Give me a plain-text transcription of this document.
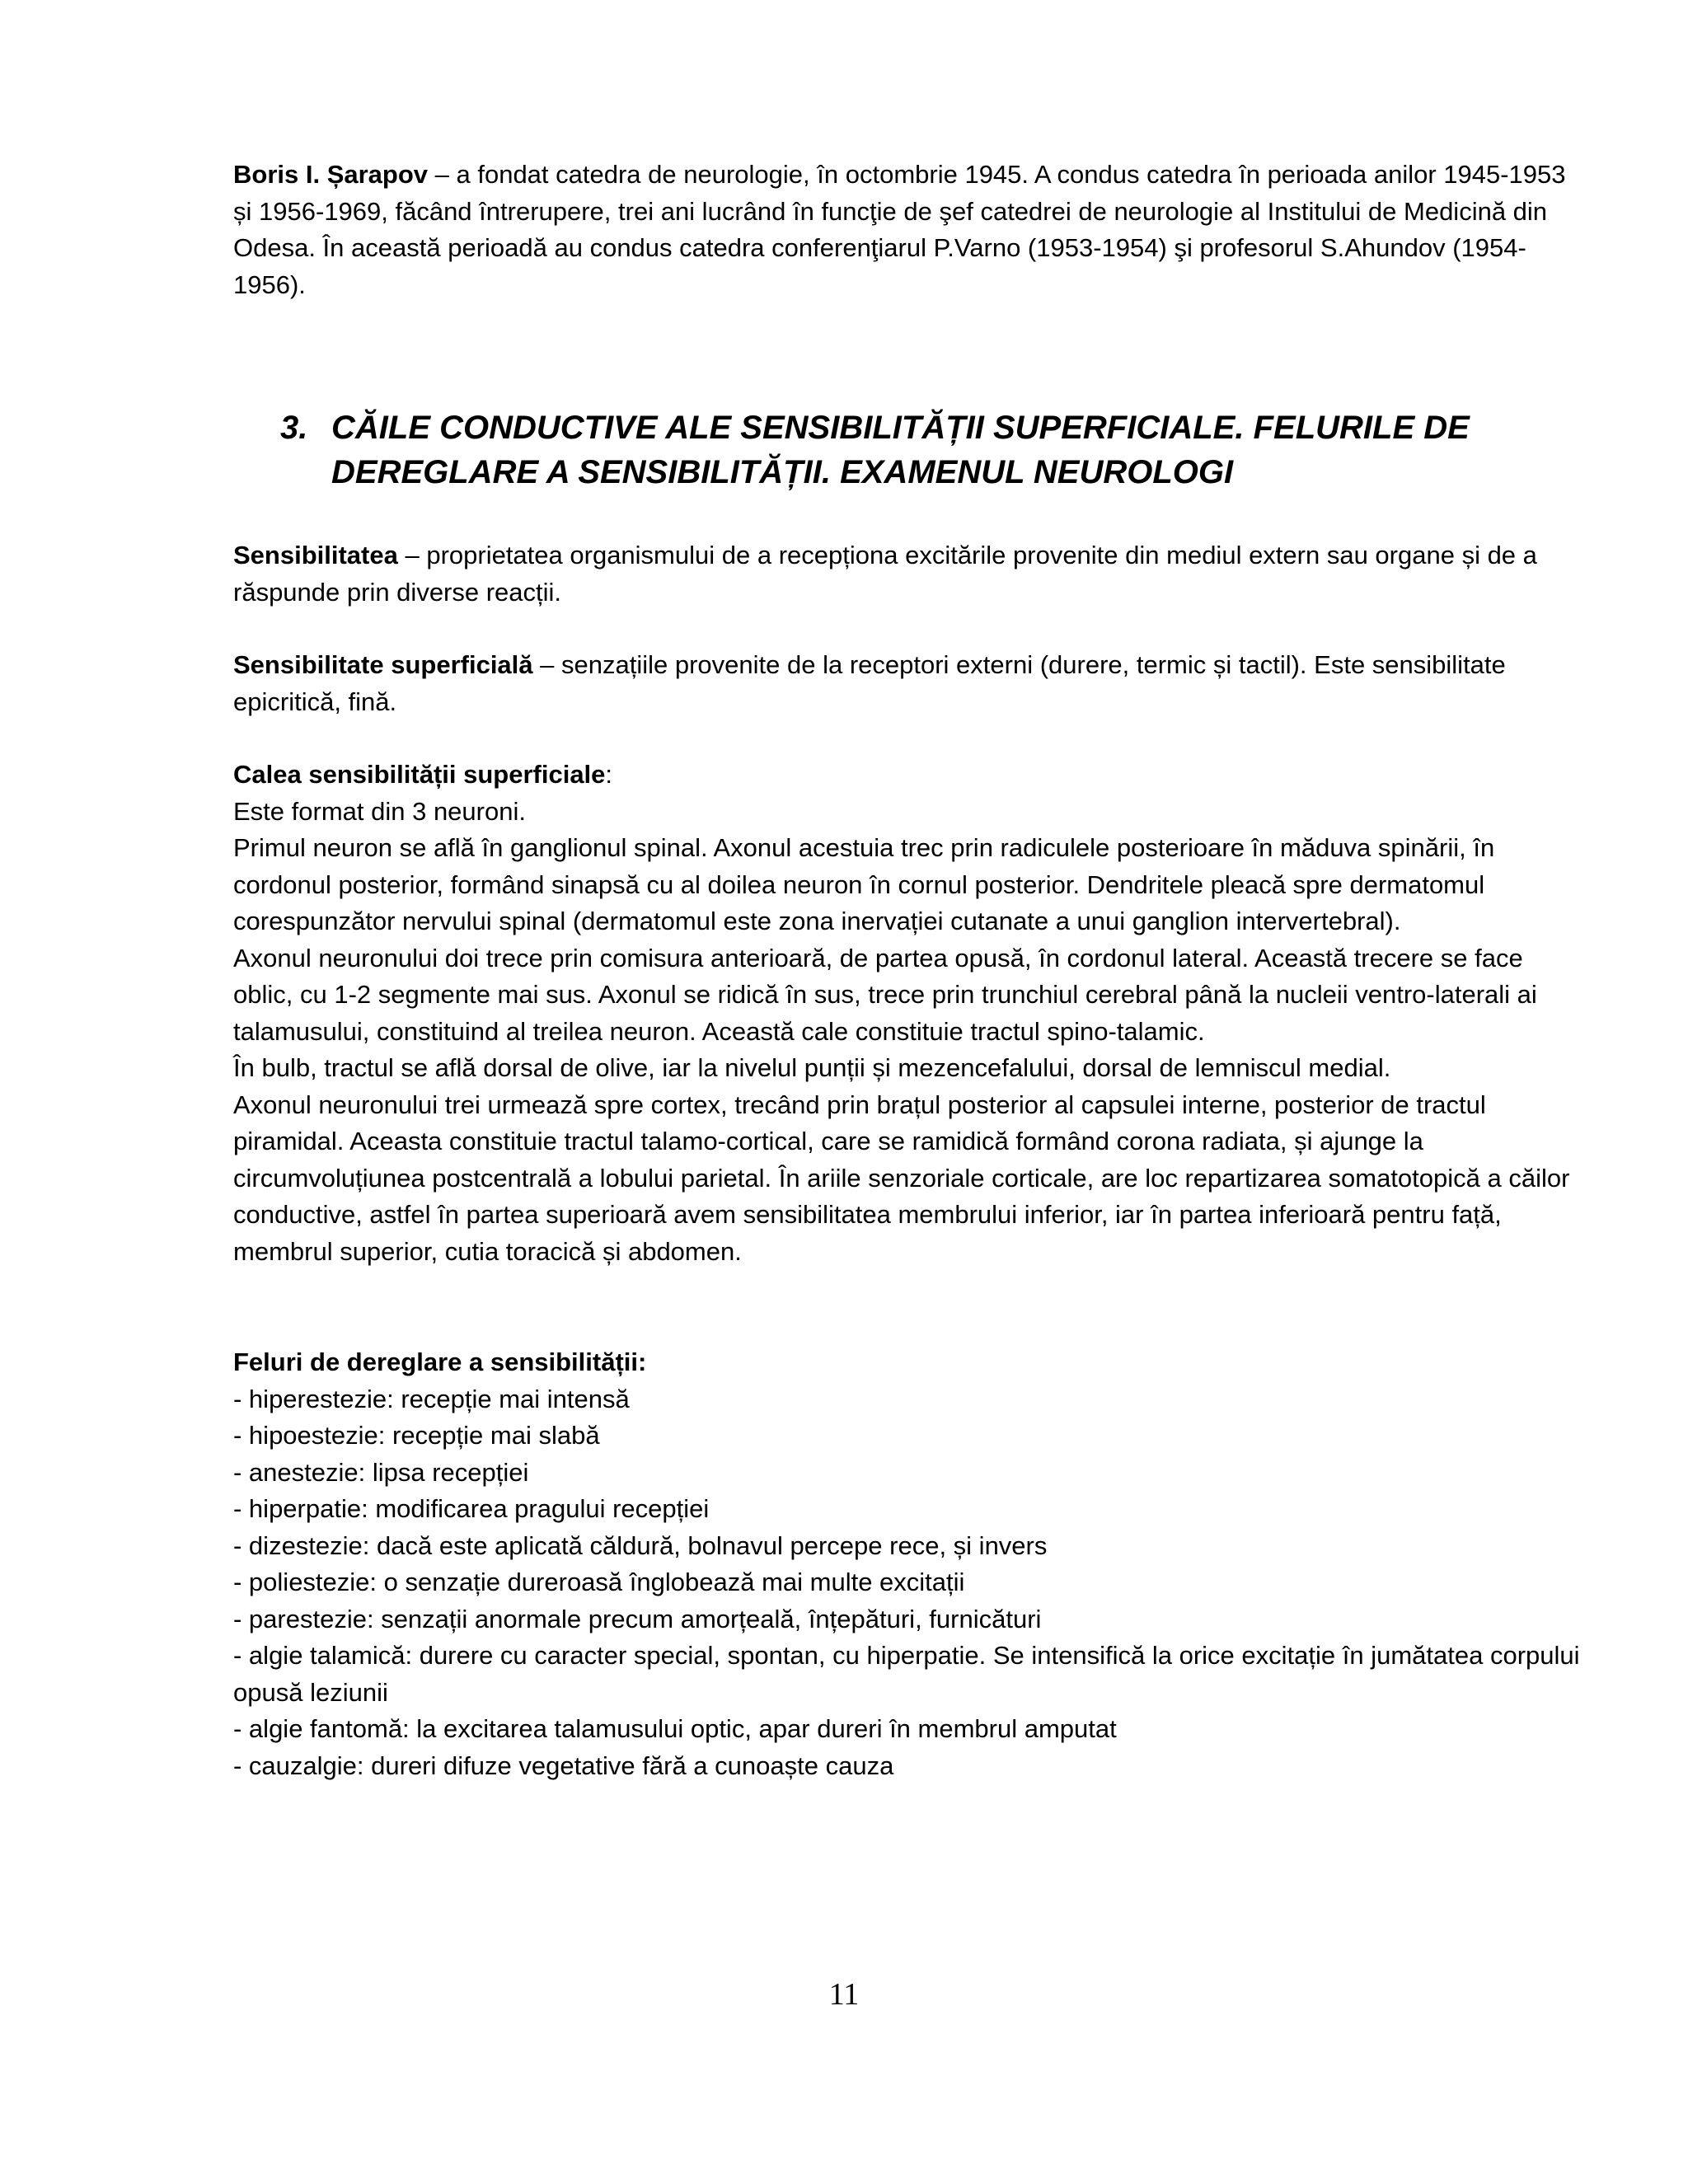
Boris I. Șarapov – a fondat catedra de neurologie, în octombrie 1945. A condus catedra în perioada anilor 1945-1953 și 1956-1969, făcând întrerupere, trei ani lucrând în funcţie de şef catedrei de neurologie al Institului de Medicină din Odesa. În această perioadă au condus catedra conferenţiarul P.Varno (1953-1954) şi profesorul S.Ahundov (1954-1956).

3. CĂILE CONDUCTIVE ALE SENSIBILITĂȚII SUPERFICIALE. FELURILE DE DEREGLARE A SENSIBILITĂȚII. EXAMENUL NEUROLOGI

Sensibilitatea – proprietatea organismului de a recepționa excitările provenite din mediul extern sau organe și de a răspunde prin diverse reacții.

Sensibilitate superficială – senzațiile provenite de la receptori externi (durere, termic și tactil). Este sensibilitate epicritică, fină.

Calea sensibilității superficiale:

Este format din 3 neuroni.

Primul neuron se află în ganglionul spinal. Axonul acestuia trec prin radiculele posterioare în măduva spinării, în cordonul posterior, formând sinapsă cu al doilea neuron în cornul posterior. Dendritele pleacă spre dermatomul corespunzător nervului spinal (dermatomul este zona inervației cutanate a unui ganglion intervertebral).

Axonul neuronului doi trece prin comisura anterioară, de partea opusă, în cordonul lateral. Această trecere se face oblic, cu 1-2 segmente mai sus. Axonul se ridică în sus, trece prin trunchiul cerebral până la nucleii ventro-laterali ai talamusului, constituind al treilea neuron. Această cale constituie tractul spino-talamic.

În bulb, tractul se află dorsal de olive, iar la nivelul punții și mezencefalului, dorsal de lemniscul medial.

Axonul neuronului trei urmează spre cortex, trecând prin brațul posterior al capsulei interne, posterior de tractul piramidal. Aceasta constituie tractul talamo-cortical, care se ramidică formând corona radiata, și ajunge la circumvoluțiunea postcentrală a lobului parietal. În ariile senzoriale corticale, are loc repartizarea somatotopică a căilor conductive, astfel în partea superioară avem sensibilitatea membrului inferior, iar în partea inferioară pentru față, membrul superior, cutia toracică și abdomen.

Feluri de dereglare a sensibilității:

- hiperestezie: recepție mai intensă

- hipoestezie: recepție mai slabă

- anestezie: lipsa recepției

- hiperpatie: modificarea pragului recepției

- dizestezie: dacă este aplicată căldură, bolnavul percepe rece, și invers

- poliestezie: o senzație dureroasă înglobează mai multe excitații

- parestezie: senzații anormale precum amorțeală, înțepături, furnicături

- algie talamică: durere cu caracter special, spontan, cu hiperpatie. Se intensifică la orice excitație în jumătatea corpului opusă leziunii

- algie fantomă: la excitarea talamusului optic, apar dureri în membrul amputat

- cauzalgie: dureri difuze vegetative fără a cunoaște cauza

11
